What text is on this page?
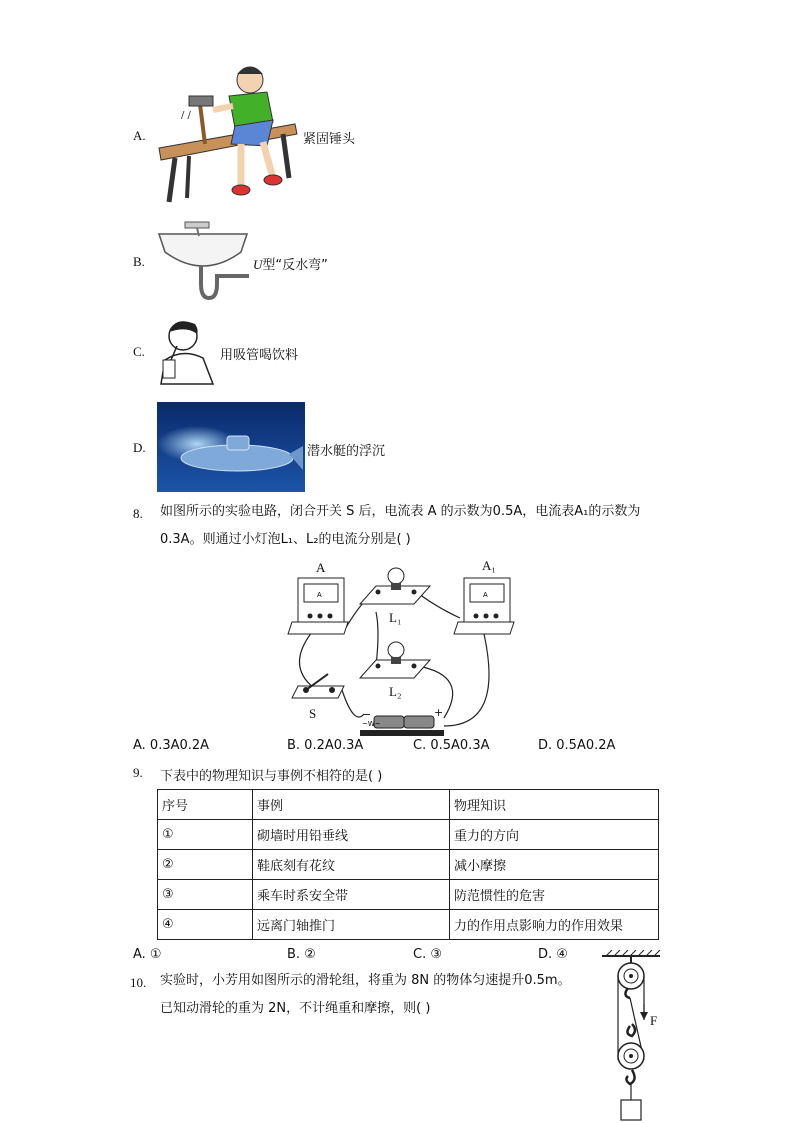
A.
/ /
紧固锤头
B.	U型“反水弯”
C.	用吸管喝饮料
D.	潜水艇的浮沉
8. 如图所示的实验电路，闭合开关 S 后，电流表 A 的示数为0.5A，电流表A₁的示数为
0.3A。则通过小灯泡L₁、L₂的电流分别是( )
A	A
~W~
A	A₁
L₁
L₂
S	−	+
A. 0.3A0.2A	B. 0.2A0.3A	C. 0.5A0.3A	D. 0.5A0.2A
9. 下表中的物理知识与事例不相符的是( )
序号	事例	物理知识
①	砌墙时用铅垂线	重力的方向
②	鞋底刻有花纹	减小摩擦
③	乘车时系安全带	防范惯性的危害
④	远离门轴推门	力的作用点影响力的作用效果
A. ①	B. ②	C. ③	D. ④
10. 实验时，小芳用如图所示的滑轮组，将重为 8N 的物体匀速提升0.5m。
已知动滑轮的重为 2N，不计绳重和摩擦，则( )
F
